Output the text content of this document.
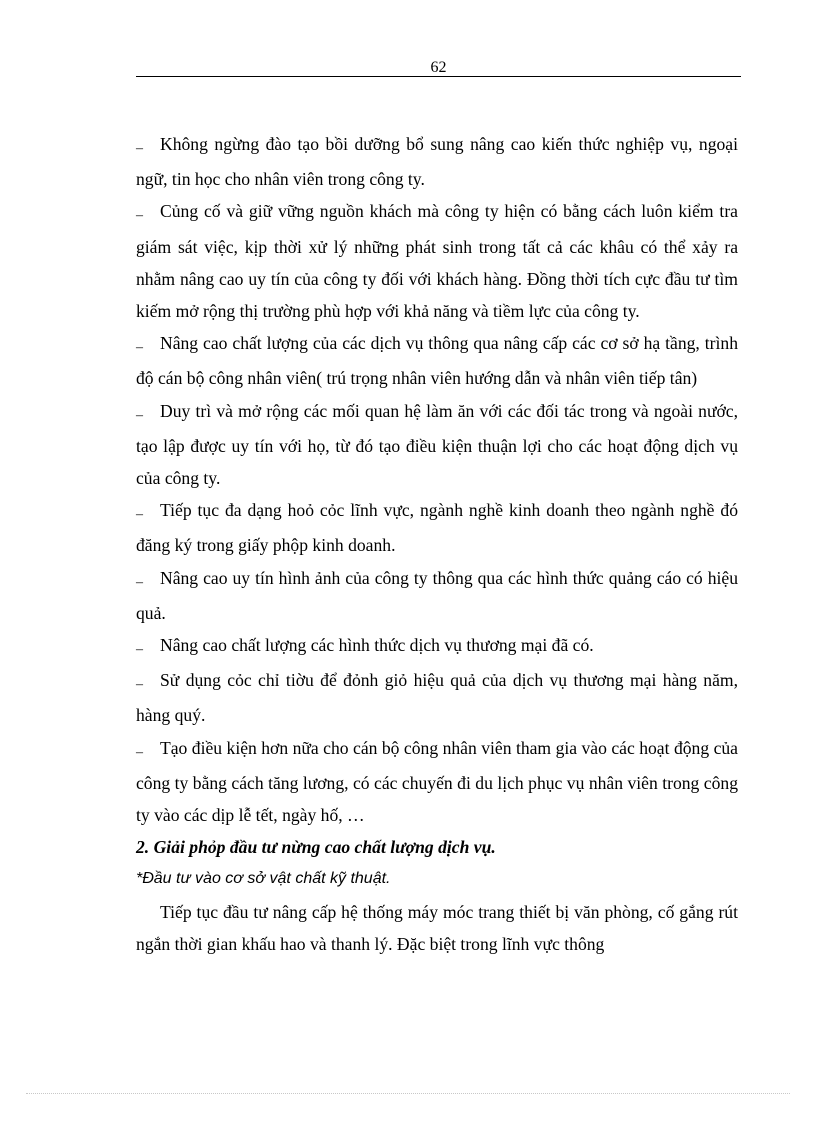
62

– Không ngừng đào tạo bồi dưỡng bổ sung nâng cao kiến thức nghiệp vụ, ngoại ngữ, tin học cho nhân viên trong công ty.

– Củng cố và giữ vững nguồn khách mà công ty hiện có bằng cách luôn kiểm tra giám sát việc, kịp thời xử lý những phát sinh trong tất cả các khâu có thể xảy ra nhằm nâng cao uy tín của công ty đối với khách hàng. Đồng thời tích cực đầu tư tìm kiếm mở rộng thị trường phù hợp với khả năng và tiềm lực của công ty.

– Nâng cao chất lượng của các dịch vụ thông qua nâng cấp các cơ sở hạ tầng, trình độ cán bộ công nhân viên( trú trọng nhân viên hướng dẫn và nhân viên tiếp tân)

– Duy trì và mở rộng các mối quan hệ làm ăn với các đối tác trong và ngoài nước, tạo lập được uy tín với họ, từ đó tạo điều kiện thuận lợi cho các hoạt động dịch vụ của công ty.

– Tiếp tục đa dạng hoỏ cỏc lĩnh vực, ngành nghề kinh doanh theo ngành nghề đó đăng ký trong giấy phộp kinh doanh.

– Nâng cao uy tín hình ảnh của công ty thông qua các hình thức quảng cáo có hiệu quả.

– Nâng cao chất lượng các hình thức dịch vụ thương mại đã có.

– Sử dụng cỏc chỉ tiờu để đỏnh giỏ hiệu quả của dịch vụ thương mại hàng năm, hàng quý.

– Tạo điều kiện hơn nữa cho cán bộ công nhân viên tham gia vào các hoạt động của công ty bằng cách tăng lương, có các chuyến đi du lịch phục vụ nhân viên trong công ty vào các dịp lễ tết, ngày hố, …

2. Giải phỏp đầu tư nừng cao chất lượng dịch vụ.

*Đầu tư vào cơ sở vật chất kỹ thuật.

Tiếp tục đầu tư nâng cấp hệ thống máy móc trang thiết bị văn phòng, cố gắng rút ngắn thời gian khấu hao và thanh lý. Đặc biệt trong lĩnh vực thông
